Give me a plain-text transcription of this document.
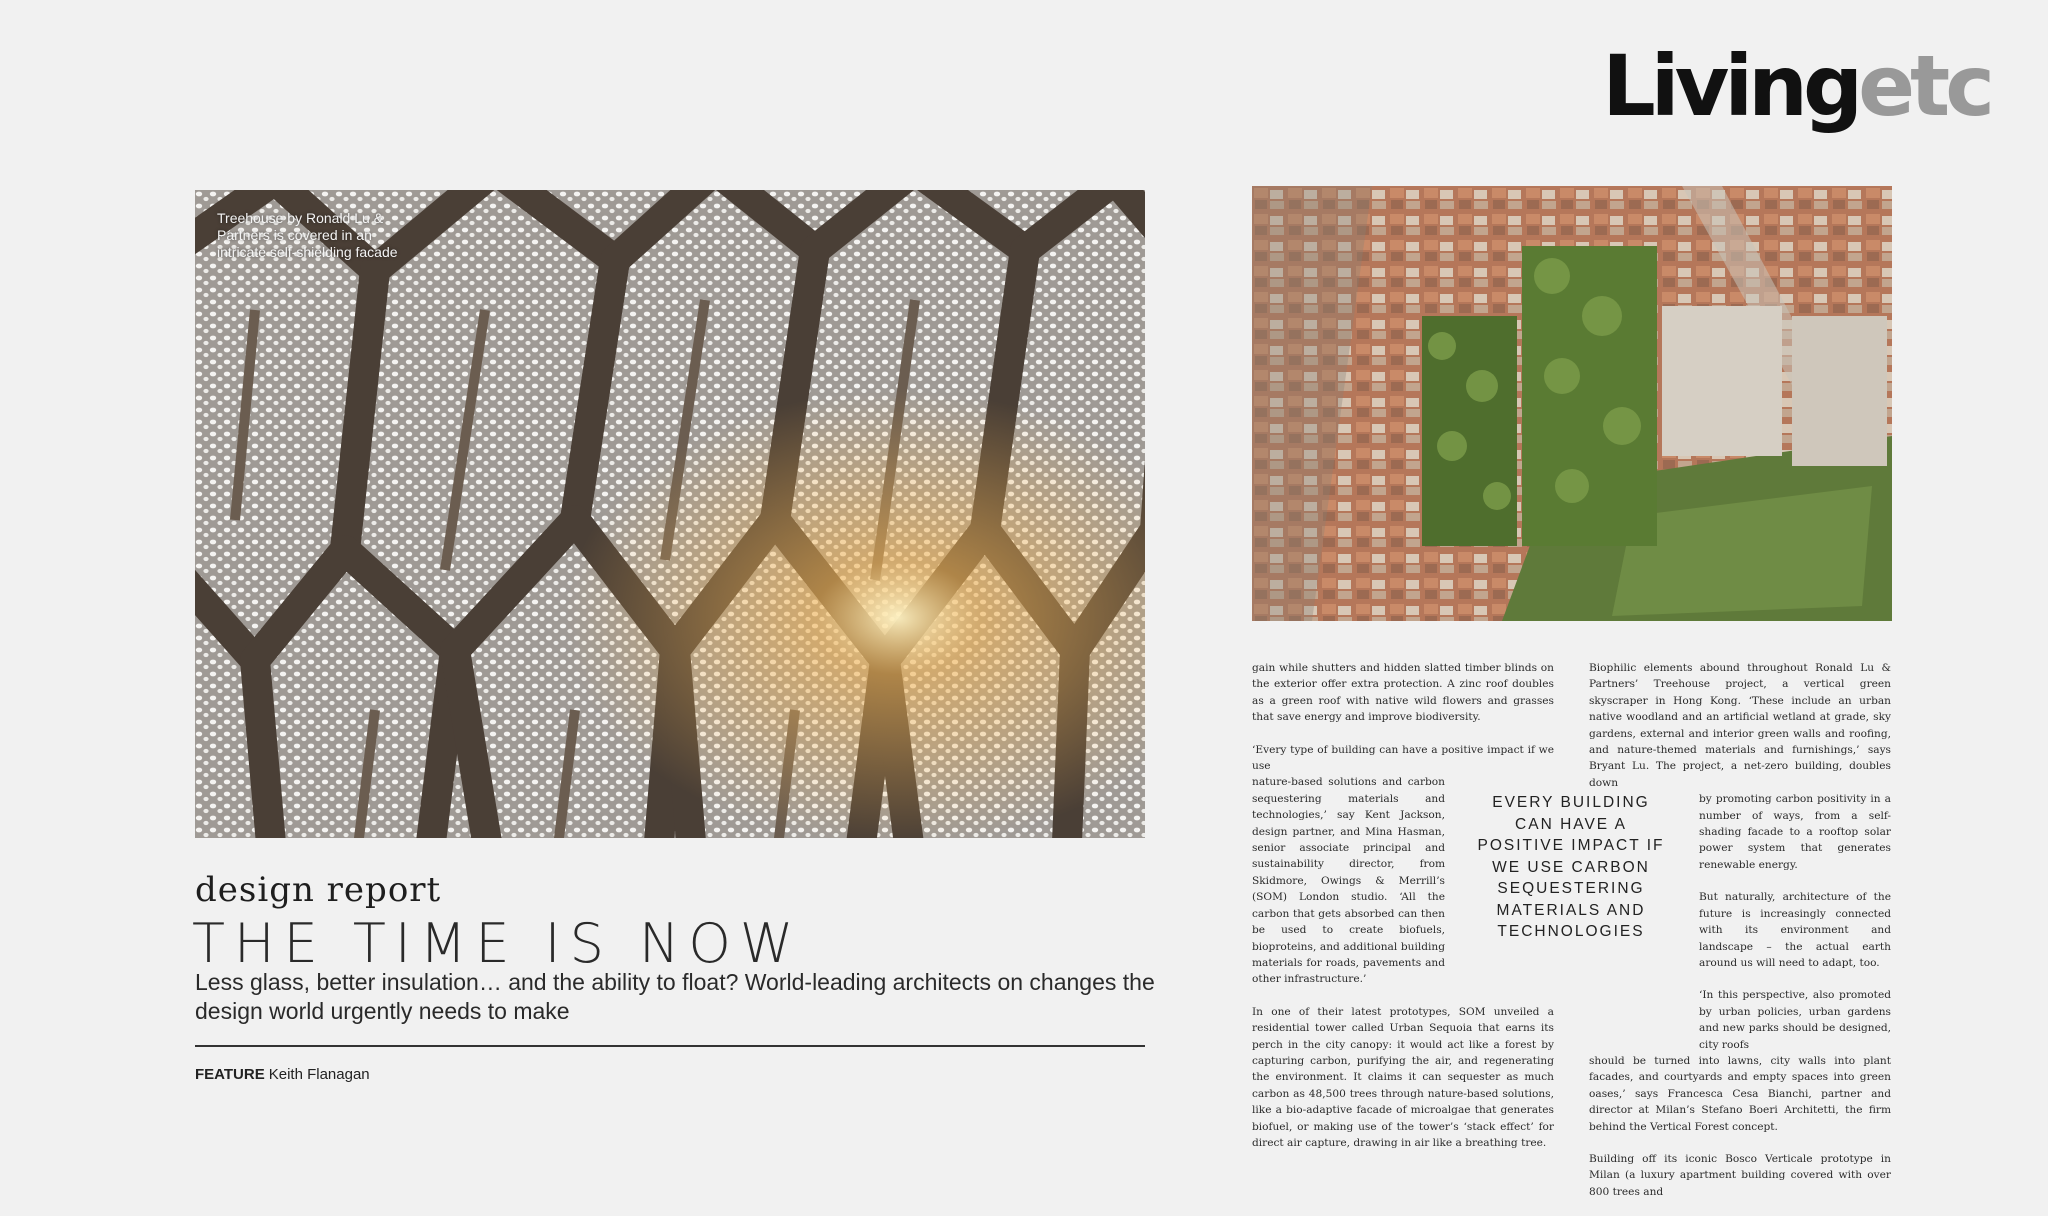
Livingetc
Treehouse by Ronald Lu & Partners is covered in an intricate self-shielding facade
design report
THE TIME IS NOW
Less glass, better insulation… and the ability to float? World-leading architects on changes the design world urgently needs to make
FEATURE Keith Flanagan

gain while shutters and hidden slatted timber blinds on the exterior offer extra protection. A zinc roof doubles as a green roof with native wild flowers and grasses that save energy and improve biodiversity.

‘Every type of building can have a positive impact if we use
nature-based solutions and carbon sequestering materials and technologies,’ say Kent Jackson, design partner, and Mina Hasman, senior associate principal and sustainability director, from Skidmore, Owings & Merrill’s (SOM) London studio. ‘All the carbon that gets absorbed can then be used to create biofuels, bioproteins, and additional building materials for roads, pavements and other infrastructure.’

In one of their latest prototypes, SOM unveiled a residential tower called Urban Sequoia that earns its perch in the city canopy: it would act like a forest by capturing carbon, purifying the air, and regenerating the environment. It claims it can sequester as much carbon as 48,500 trees through nature-based solutions, like a bio-adaptive facade of microalgae that generates biofuel, or making use of the tower’s ‘stack effect’ for direct air capture, drawing in air like a breathing tree.

EVERY BUILDING CAN HAVE A POSITIVE IMPACT IF WE USE CARBON SEQUESTERING MATERIALS AND TECHNOLOGIES

Biophilic elements abound throughout Ronald Lu & Partners’ Treehouse project, a vertical green skyscraper in Hong Kong. ‘These include an urban native woodland and an artificial wetland at grade, sky gardens, external and interior green walls and roofing, and nature-themed materials and furnishings,’ says Bryant Lu. The project, a net-zero building, doubles down
by promoting carbon positivity in a number of ways, from a self-shading facade to a rooftop solar power system that generates renewable energy.

But naturally, architecture of the future is increasingly connected with its environment and landscape – the actual earth around us will need to adapt, too.

‘In this perspective, also promoted by urban policies, urban gardens and new parks should be designed, city roofs
should be turned into lawns, city walls into plant facades, and courtyards and empty spaces into green oases,’ says Francesca Cesa Bianchi, partner and director at Milan’s Stefano Boeri Architetti, the firm behind the Vertical Forest concept.

Building off its iconic Bosco Verticale prototype in Milan (a luxury apartment building covered with over 800 trees and
